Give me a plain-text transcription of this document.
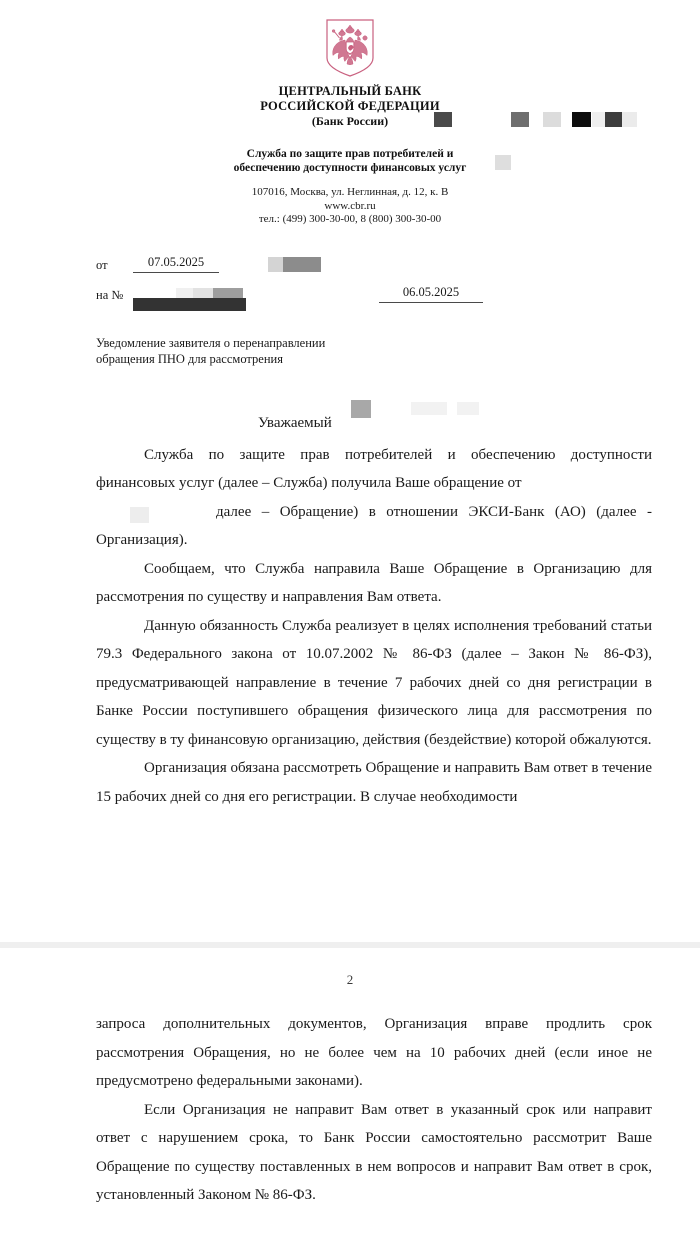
ЦЕНТРАЛЬНЫЙ БАНК
РОССИЙСКОЙ ФЕДЕРАЦИИ
(Банк России)
Служба по защите прав потребителей и
обеспечению доступности финансовых услуг
107016, Москва, ул. Неглинная, д. 12, к. В
www.cbr.ru
тел.: (499) 300-30-00, 8 (800) 300-30-00
от	07.05.2025
на №	06.05.2025
Уведомление заявителя о перенаправлении
обращения ПНО для рассмотрения
Уважаемый

Служба по защите прав потребителей и обеспечению доступности финансовых услуг (далее – Служба) получила Ваше обращение от

далее – Обращение) в отношении ЭКСИ-Банк (АО) (далее - Организация).

Сообщаем, что Служба направила Ваше Обращение в Организацию для рассмотрения по существу и направления Вам ответа.

Данную обязанность Служба реализует в целях исполнения требований статьи 79.3 Федерального закона от 10.07.2002 № 86-ФЗ (далее – Закон № 86-ФЗ), предусматривающей направление в течение 7 рабочих дней со дня регистрации в Банке России поступившего обращения физического лица для рассмотрения по существу в ту финансовую организацию, действия (бездействие) которой обжалуются.

Организация обязана рассмотреть Обращение и направить Вам ответ в течение 15 рабочих дней со дня его регистрации. В случае необходимости

2

запроса дополнительных документов, Организация вправе продлить срок рассмотрения Обращения, но не более чем на 10 рабочих дней (если иное не предусмотрено федеральными законами).

Если Организация не направит Вам ответ в указанный срок или направит ответ с нарушением срока, то Банк России самостоятельно рассмотрит Ваше Обращение по существу поставленных в нем вопросов и направит Вам ответ в срок, установленный Законом № 86-ФЗ.
